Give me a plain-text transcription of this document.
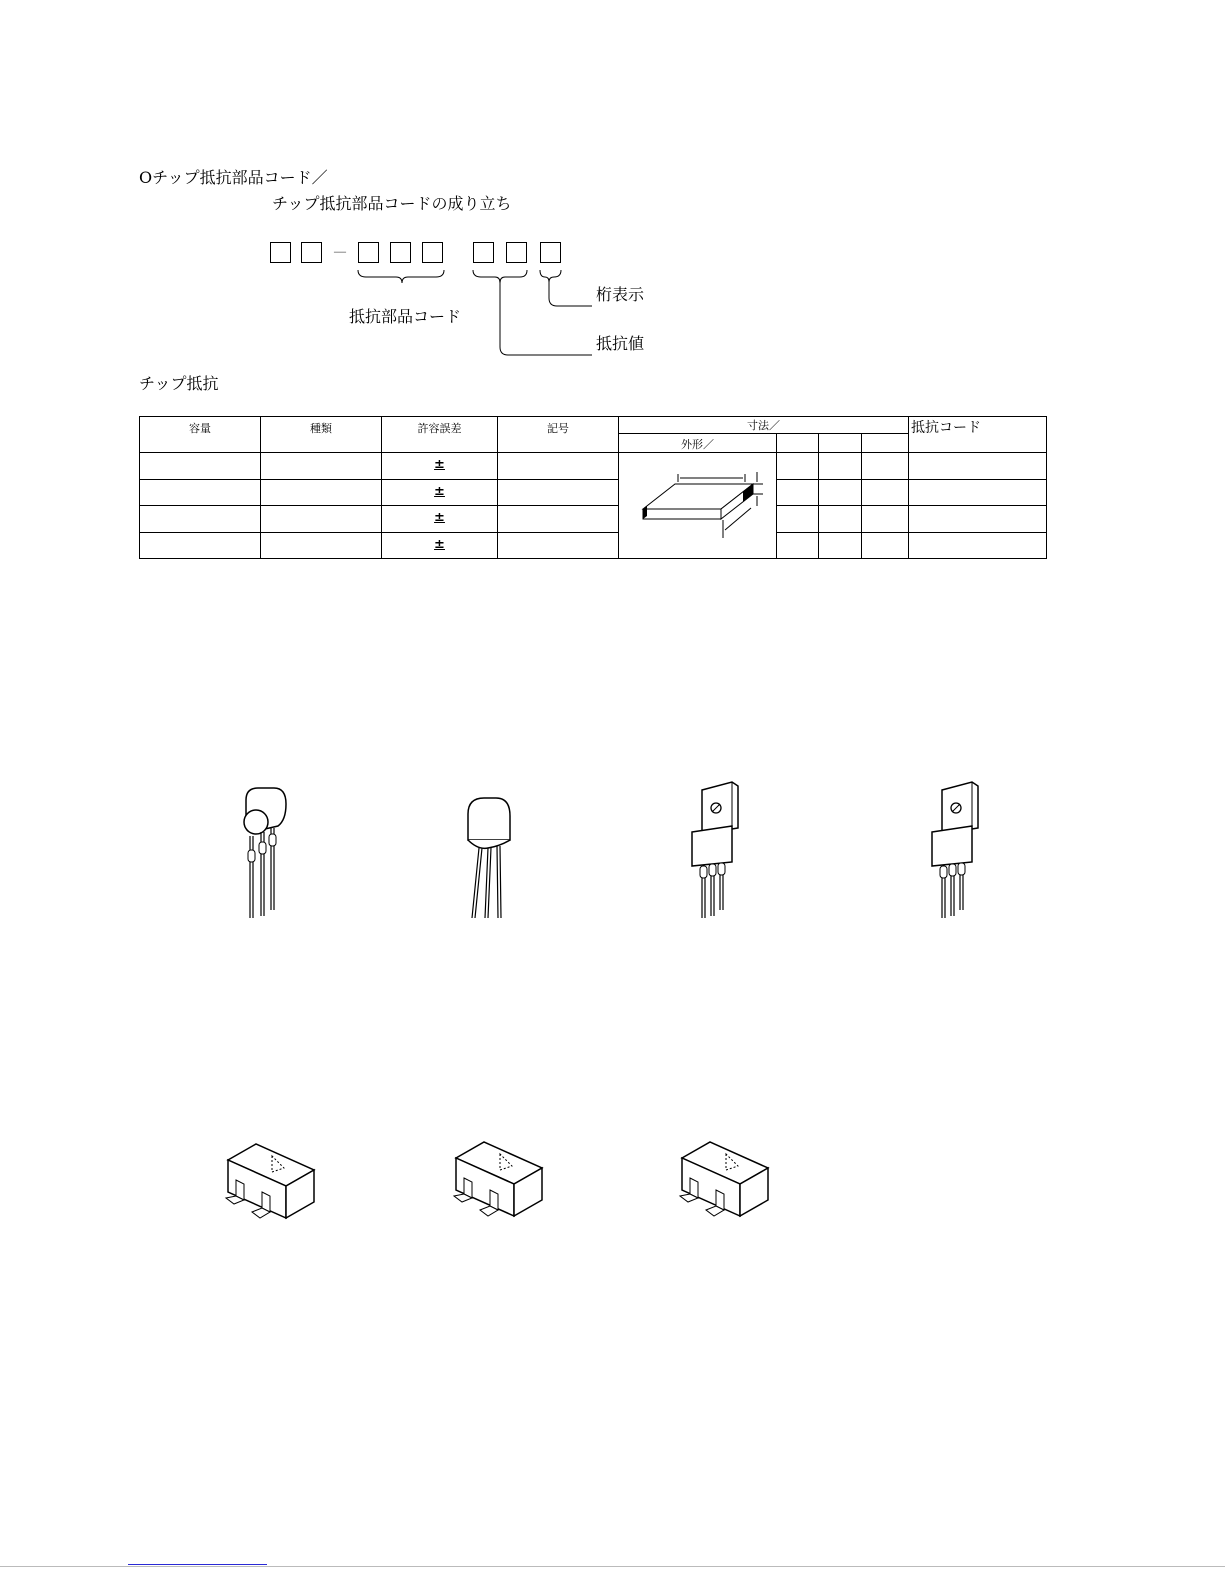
Oチップ抵抗部品コード／
チップ抵抗部品コードの成り立ち
－
桁表示
抵抗部品コード
抵抗値
チップ抵抗
容量	種類	許容誤差	記号	寸法／				抵抗コード
				外形／				
		±						
		±						
		±						
		±						
